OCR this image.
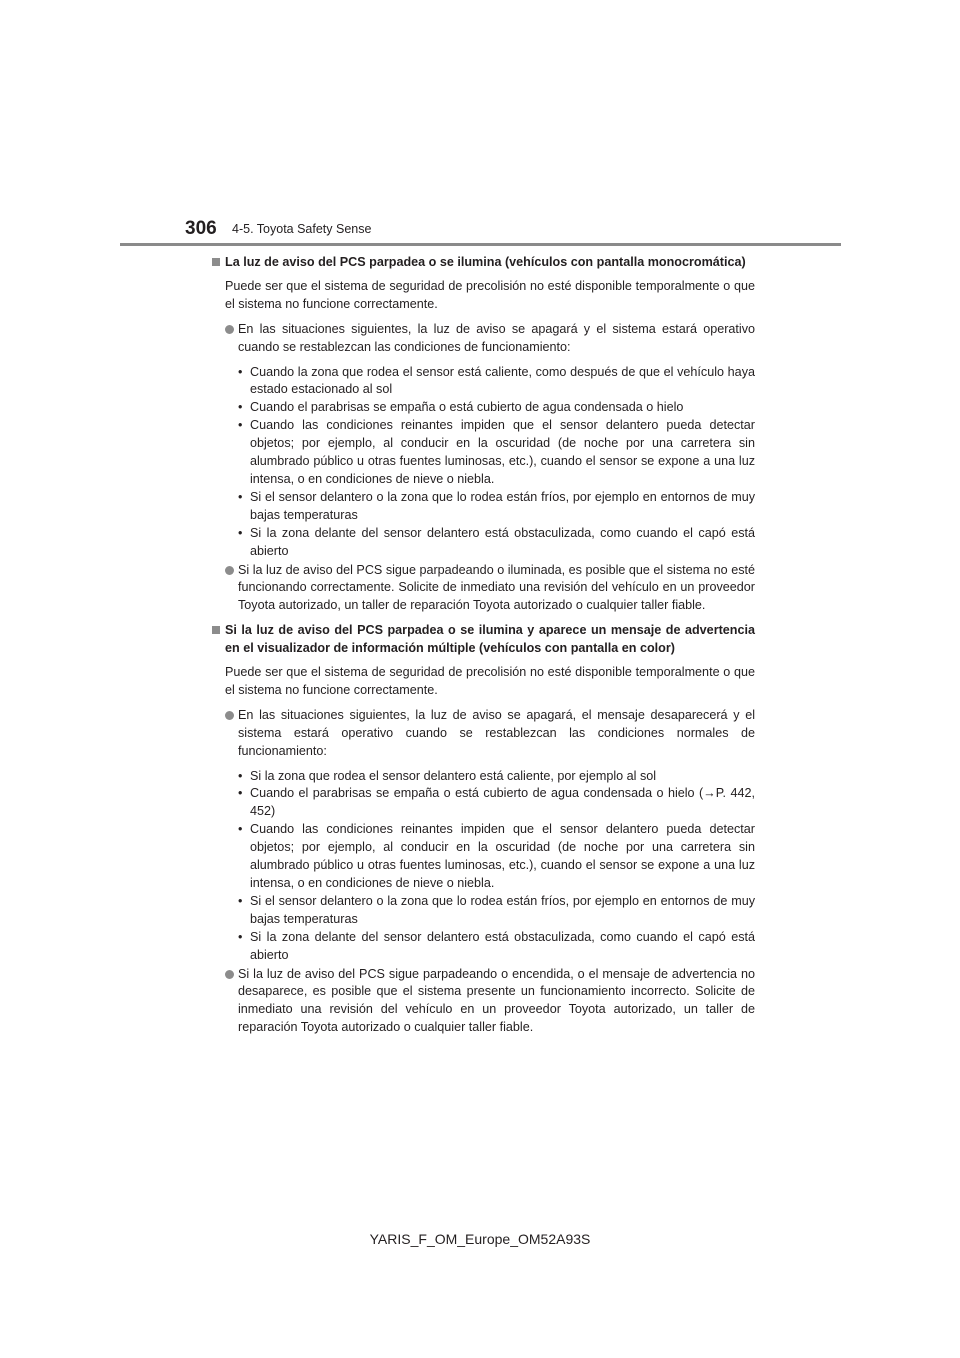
306 4-5. Toyota Safety Sense
La luz de aviso del PCS parpadea o se ilumina (vehículos con pantalla monocromática)

Puede ser que el sistema de seguridad de precolisión no esté disponible temporalmente o que el sistema no funcione correctamente.

En las situaciones siguientes, la luz de aviso se apagará y el sistema estará operativo cuando se restablezcan las condiciones de funcionamiento:
• Cuando la zona que rodea el sensor está caliente, como después de que el vehículo haya estado estacionado al sol
• Cuando el parabrisas se empaña o está cubierto de agua condensada o hielo
• Cuando las condiciones reinantes impiden que el sensor delantero pueda detectar objetos; por ejemplo, al conducir en la oscuridad (de noche por una carretera sin alumbrado público u otras fuentes luminosas, etc.), cuando el sensor se expone a una luz intensa, o en condiciones de nieve o niebla.
• Si el sensor delantero o la zona que lo rodea están fríos, por ejemplo en entornos de muy bajas temperaturas
• Si la zona delante del sensor delantero está obstaculizada, como cuando el capó está abierto
Si la luz de aviso del PCS sigue parpadeando o iluminada, es posible que el sistema no esté funcionando correctamente. Solicite de inmediato una revisión del vehículo en un proveedor Toyota autorizado, un taller de reparación Toyota autorizado o cualquier taller fiable.
Si la luz de aviso del PCS parpadea o se ilumina y aparece un mensaje de advertencia en el visualizador de información múltiple (vehículos con pantalla en color)

Puede ser que el sistema de seguridad de precolisión no esté disponible temporalmente o que el sistema no funcione correctamente.

En las situaciones siguientes, la luz de aviso se apagará, el mensaje desaparecerá y el sistema estará operativo cuando se restablezcan las condiciones normales de funcionamiento:
• Si la zona que rodea el sensor delantero está caliente, por ejemplo al sol
• Cuando el parabrisas se empaña o está cubierto de agua condensada o hielo (→P. 442, 452)
• Cuando las condiciones reinantes impiden que el sensor delantero pueda detectar objetos; por ejemplo, al conducir en la oscuridad (de noche por una carretera sin alumbrado público u otras fuentes luminosas, etc.), cuando el sensor se expone a una luz intensa, o en condiciones de nieve o niebla.
• Si el sensor delantero o la zona que lo rodea están fríos, por ejemplo en entornos de muy bajas temperaturas
• Si la zona delante del sensor delantero está obstaculizada, como cuando el capó está abierto
Si la luz de aviso del PCS sigue parpadeando o encendida, o el mensaje de advertencia no desaparece, es posible que el sistema presente un funcionamiento incorrecto. Solicite de inmediato una revisión del vehículo en un proveedor Toyota autorizado, un taller de reparación Toyota autorizado o cualquier taller fiable.
YARIS_F_OM_Europe_OM52A93S
